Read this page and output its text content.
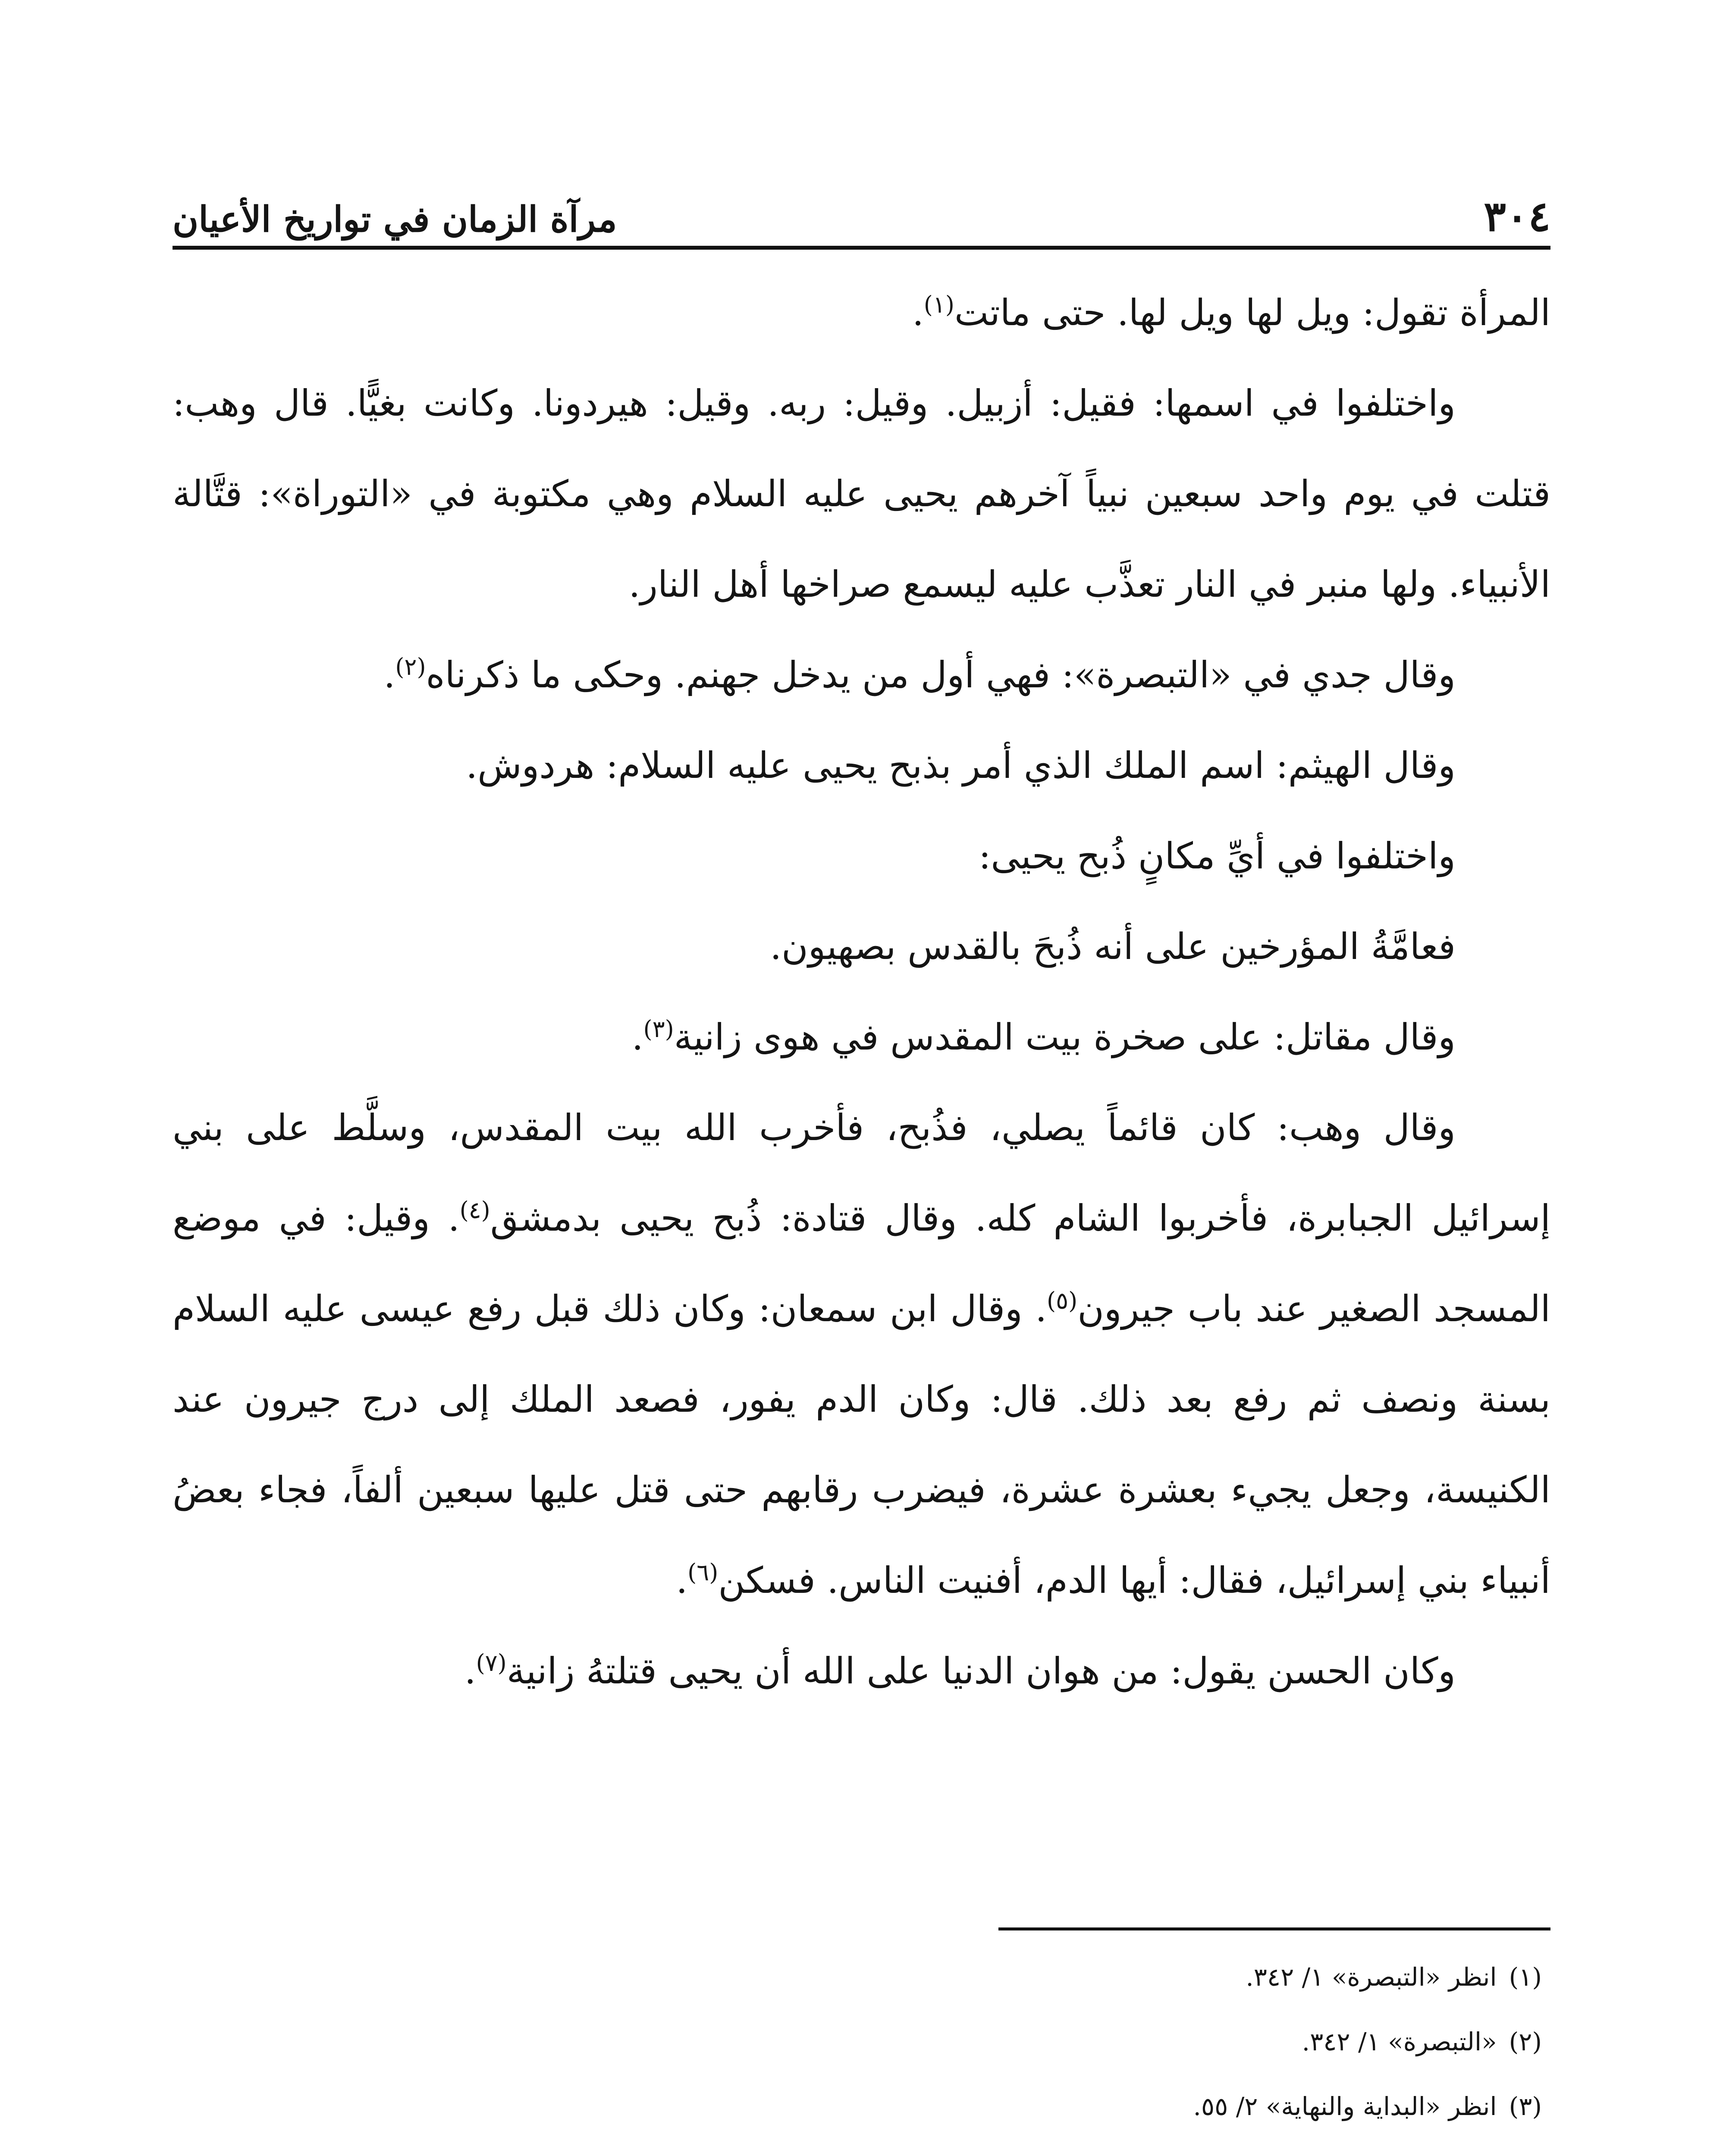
٣٠٤
مرآة الزمان في تواريخ الأعيان

المرأة تقول: ويل لها ويل لها. حتى ماتت$^{(١)}$.

واختلفوا في اسمها: فقيل: أزبيل. وقيل: ربه. وقيل: هيردونا. وكانت بغيًّا. قال وهب: قتلت في يوم واحد سبعين نبياً آخرهم يحيى عليه السلام وهي مكتوبة في «التوراة»: قتَّالة الأنبياء. ولها منبر في النار تعذَّب عليه ليسمع صراخها أهل النار.

وقال جدي في «التبصرة»: فهي أول من يدخل جهنم. وحكى ما ذكرناه$^{(٢)}$.

وقال الهيثم: اسم الملك الذي أمر بذبح يحيى عليه السلام: هردوش.

واختلفوا في أيِّ مكانٍ ذُبح يحيى:

فعامَّةُ المؤرخين على أنه ذُبحَ بالقدس بصهيون.

وقال مقاتل: على صخرة بيت المقدس في هوى زانية$^{(٣)}$.

وقال وهب: كان قائماً يصلي، فذُبح، فأخرب الله بيت المقدس، وسلَّط على بني إسرائيل الجبابرة، فأخربوا الشام كله. وقال قتادة: ذُبح يحيى بدمشق$^{(٤)}$. وقيل: في موضع المسجد الصغير عند باب جيرون$^{(٥)}$. وقال ابن سمعان: وكان ذلك قبل رفع عيسى عليه السلام بسنة ونصف ثم رفع بعد ذلك. قال: وكان الدم يفور، فصعد الملك إلى درج جيرون عند الكنيسة، وجعل يجيء بعشرة عشرة، فيضرب رقابهم حتى قتل عليها سبعين ألفاً، فجاء بعضُ أنبياء بني إسرائيل، فقال: أيها الدم، أفنيت الناس. فسكن$^{(٦)}$.

وكان الحسن يقول: من هوان الدنيا على الله أن يحيى قتلتهُ زانية$^{(٧)}$.

(١)انظر «التبصرة» ١/ ٣٤٢.

(٢)«التبصرة» ١/ ٣٤٢.

(٣)انظر «البداية والنهاية» ٢/ ٥٥.
